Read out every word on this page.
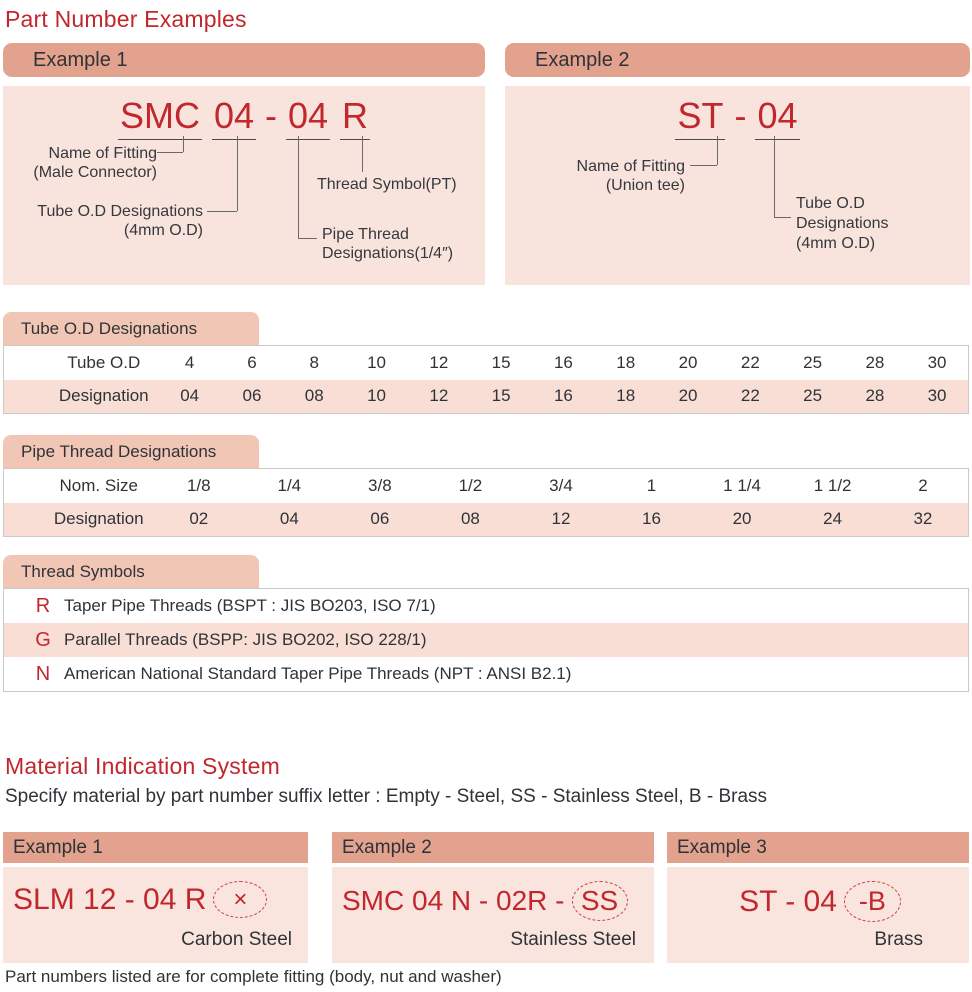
Part Number Examples
Example 1
SMC 04 - 04 R
Name of Fitting
(Male Connector)
Tube O.D Designations
(4mm O.D)
Thread Symbol(PT)
Pipe Thread
Designations(1/4″)
Example 2
ST - 04
Name of Fitting
(Union tee)
Tube O.D
Designations
(4mm O.D)
Tube O.D Designations
Tube O.D	4	6	8	10	12	15	16	18	20	22	25	28	30
Designation	04	06	08	10	12	15	16	18	20	22	25	28	30
Pipe Thread Designations
Nom. Size	1/8	1/4	3/8	1/2	3/4	1	1 1/4	1 1/2	2
Designation	02	04	06	08	12	16	20	24	32
Thread Symbols
R Taper Pipe Threads (BSPT : JIS BO203, ISO 7/1)
G Parallel Threads (BSPP: JIS BO202, ISO 228/1)
N American National Standard Taper Pipe Threads (NPT : ANSI B2.1)
Material Indication System
Specify material by part number suffix letter : Empty - Steel, SS - Stainless Steel, B - Brass
Example 1
SLM 12 - 04 R ×
Carbon Steel
Example 2
SMC 04 N - 02R - SS
Stainless Steel
Example 3
ST - 04 -B
Brass
Part numbers listed are for complete fitting (body, nut and washer)
